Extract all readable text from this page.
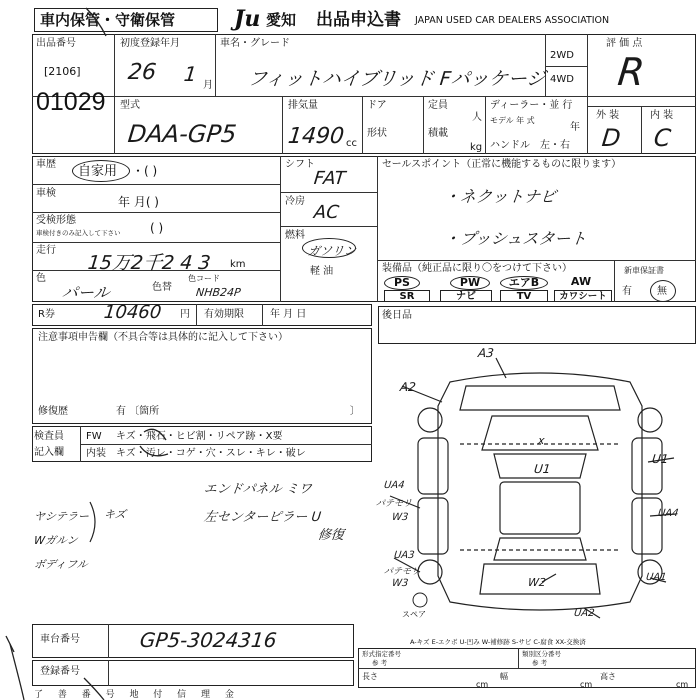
車内保管・守衛保管	Ju 愛知 出品申込書 JAPAN USED CAR DEALERS ASSOCIATION
出品番号
[2106]
01029
初度登録年月
26 1 月
車名・グレード
フィットハイブリッド Fパッケージ
2WD
4WD
評 価 点
R
外 装	内 装
D C
型式
DAA-GP5
排気量
1490 cc
ドア
形状
定員
人
積載
kg
ディーラー・並 行
モデル 年 式
年
ハンドル 左・右
車歴 自家用 ・( )
車検
年 月( )
受検形態
車検付きのみ記入して下さい ( )
走行
15万2千2 4 3 km
色
パール	色替
色コード
NHB24P
シフト
FAT
冷房
AC
燃料
ガソリン
軽 油
セールスポイント（正常に機能するものに限ります）
・ネクットナビ
・プッシュスタート
装備品（純正品に限り〇をつけて下さい）
PS	PW	エアB	AW
SR	ナビ	TV	カワシート
新車保証書
有	無
R券	10460 円 有効期限	年 月 日	後日品
注意事項申告欄（不具合等は具体的に記入して下さい）
修復歴	有 〔箇所	〕
検査員
記入欄
FW キズ・飛石・ヒビ割・リペア跡・X要
内装 キズ・汚レ・コゲ・穴・スレ・キレ・破レ
エンドパネル ミワ
左センターピラー U
修復
ヤシテラー キズ
Wガルン
ボディフル
A3
A2
x
U1
U1
UA4
パテモリ
W3	UA4
UA3
パテモリ
W3	W2	UA1
UA2
スペア
A-キズ E-エクボ U-凹み W-補修跡 S-サビ C-腐食 XX-交換済
車台番号	GP5-3024316
登録番号
形式指定番号
参 考
類別区分番号
参 考
長さ
cm
幅
cm
高さ
cm
了 善 番 号 地 付 信 理 金
